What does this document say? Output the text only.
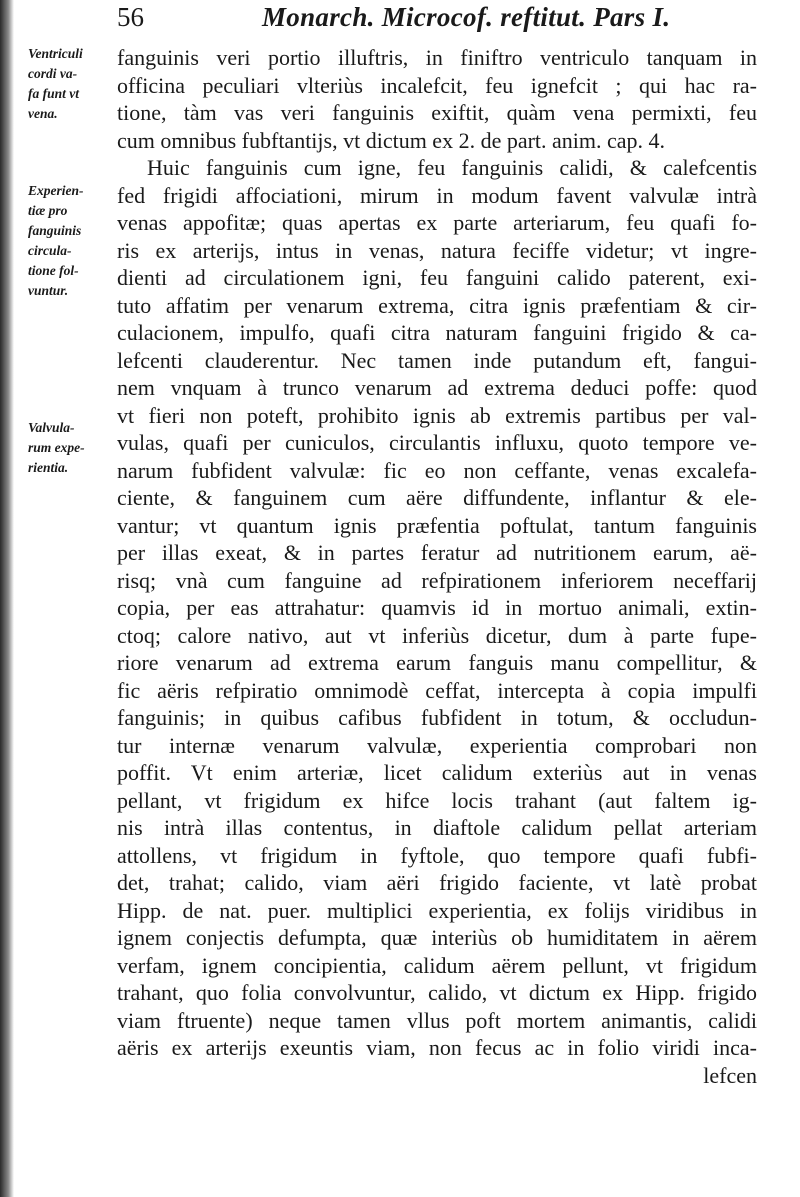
56	Monarch. Microcof. reftitut. Pars I.
Ventriculi
cordi va-
fa funt vt
vena.
Experien-
tiæ pro
fanguinis
circula-
tione fol-
vuntur.
Valvula-
rum expe-
rientia.
fanguinis veri portio illuftris, in finiftro ventriculo tanquam in
officina peculiari vlteriùs incalefcit, feu ignefcit ; qui hac ra-
tione, tàm vas veri fanguinis exiftit, quàm vena permixti, feu
cum omnibus fubftantijs, vt dictum ex 2. de part. anim. cap. 4.
Huic fanguinis cum igne, feu fanguinis calidi, & calefcentis
fed frigidi affociationi, mirum in modum favent valvulæ intrà
venas appofitæ; quas apertas ex parte arteriarum, feu quafi fo-
ris ex arterijs, intus in venas, natura feciffe videtur; vt ingre-
dienti ad circulationem igni, feu fanguini calido paterent, exi-
tuto affatim per venarum extrema, citra ignis præfentiam & cir-
culacionem, impulfo, quafi citra naturam fanguini frigido & ca-
lefcenti clauderentur. Nec tamen inde putandum eft, fangui-
nem vnquam à trunco venarum ad extrema deduci poffe: quod
vt fieri non poteft, prohibito ignis ab extremis partibus per val-
vulas, quafi per cuniculos, circulantis influxu, quoto tempore ve-
narum fubfident valvulæ: fic eo non ceffante, venas excalefa-
ciente, & fanguinem cum aëre diffundente, inflantur & ele-
vantur; vt quantum ignis præfentia poftulat, tantum fanguinis
per illas exeat, & in partes feratur ad nutritionem earum, aë-
risq; vnà cum fanguine ad refpirationem inferiorem neceffarij
copia, per eas attrahatur: quamvis id in mortuo animali, extin-
ctoq; calore nativo, aut vt inferiùs dicetur, dum à parte fupe-
riore venarum ad extrema earum fanguis manu compellitur, &
fic aëris refpiratio omnimodè ceffat, intercepta à copia impulfi
fanguinis; in quibus cafibus fubfident in totum, & occludun-
tur internæ venarum valvulæ, experientia comprobari non
poffit. Vt enim arteriæ, licet calidum exteriùs aut in venas
pellant, vt frigidum ex hifce locis trahant (aut faltem ig-
nis intrà illas contentus, in diaftole calidum pellat arteriam
attollens, vt frigidum in fyftole, quo tempore quafi fubfi-
det, trahat; calido, viam aëri frigido faciente, vt latè probat
Hipp. de nat. puer. multiplici experientia, ex folijs viridibus in
ignem conjectis defumpta, quæ interiùs ob humiditatem in aërem
verfam, ignem concipientia, calidum aërem pellunt, vt frigidum
trahant, quo folia convolvuntur, calido, vt dictum ex Hipp. frigido
viam ftruente) neque tamen vllus poft mortem animantis, calidi
aëris ex arterijs exeuntis viam, non fecus ac in folio viridi inca-
lefcen
